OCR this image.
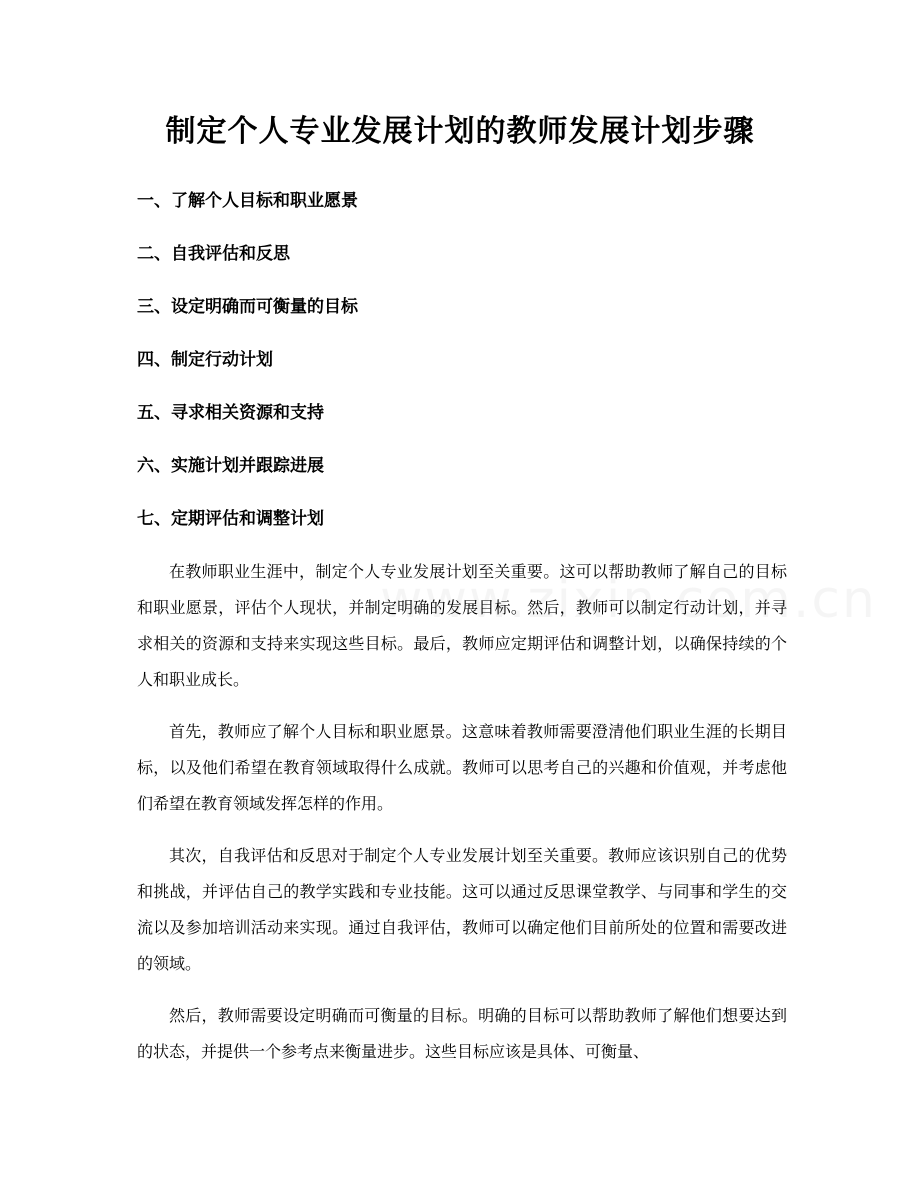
制定个人专业发展计划的教师发展计划步骤
一、了解个人目标和职业愿景
二、自我评估和反思
三、设定明确而可衡量的目标
四、制定行动计划
五、寻求相关资源和支持
六、实施计划并跟踪进展
七、定期评估和调整计划

在教师职业生涯中，制定个人专业发展计划至关重要。这可以帮助教师了解自己的目标和职业愿景，评估个人现状，并制定明确的发展目标。然后，教师可以制定行动计划，并寻求相关的资源和支持来实现这些目标。最后，教师应定期评估和调整计划，以确保持续的个人和职业成长。

首先，教师应了解个人目标和职业愿景。这意味着教师需要澄清他们职业生涯的长期目标，以及他们希望在教育领域取得什么成就。教师可以思考自己的兴趣和价值观，并考虑他们希望在教育领域发挥怎样的作用。

其次，自我评估和反思对于制定个人专业发展计划至关重要。教师应该识别自己的优势和挑战，并评估自己的教学实践和专业技能。这可以通过反思课堂教学、与同事和学生的交流以及参加培训活动来实现。通过自我评估，教师可以确定他们目前所处的位置和需要改进的领域。

然后，教师需要设定明确而可衡量的目标。明确的目标可以帮助教师了解他们想要达到的状态，并提供一个参考点来衡量进步。这些目标应该是具体、可衡量、
